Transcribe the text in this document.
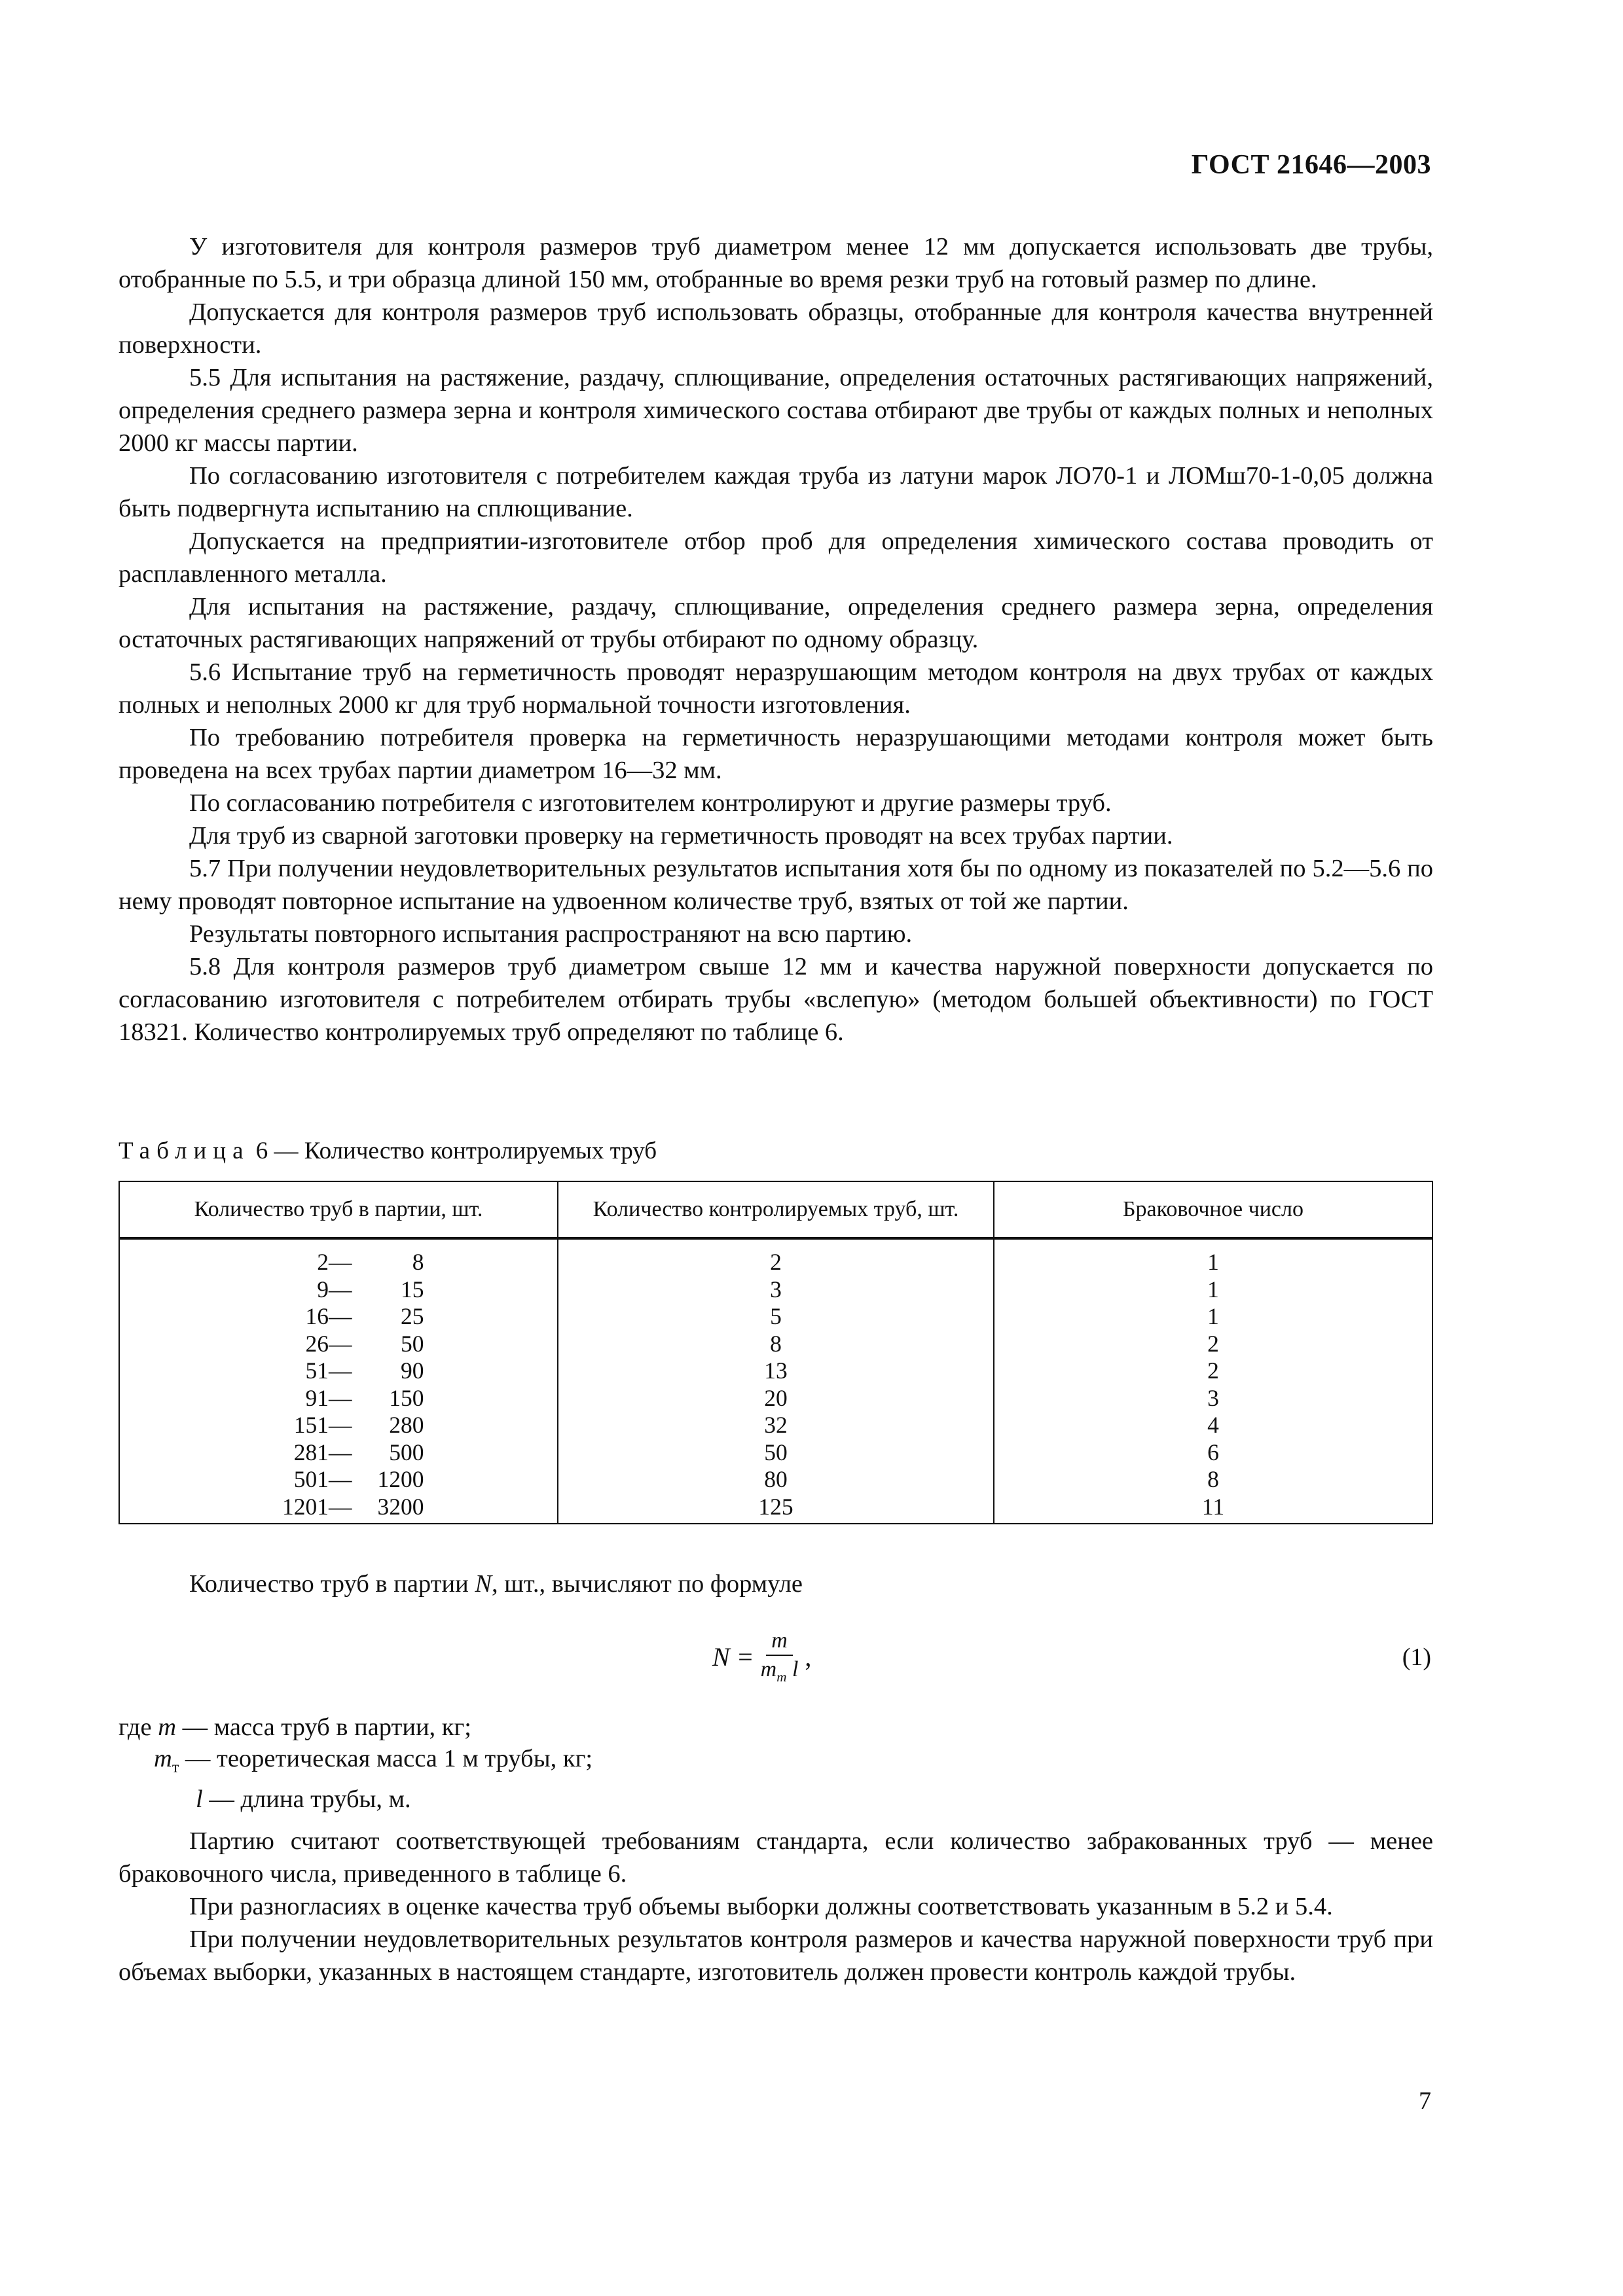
ГОСТ 21646—2003

У изготовителя для контроля размеров труб диаметром менее 12 мм допускается использовать две трубы, отобранные по 5.5, и три образца длиной 150 мм, отобранные во время резки труб на готовый размер по длине.

Допускается для контроля размеров труб использовать образцы, отобранные для контроля качества внутренней поверхности.

5.5 Для испытания на растяжение, раздачу, сплющивание, определения остаточных растягивающих напряжений, определения среднего размера зерна и контроля химического состава отбирают две трубы от каждых полных и неполных 2000 кг массы партии.

По согласованию изготовителя с потребителем каждая труба из латуни марок ЛО70-1 и ЛОМш70-1-0,05 должна быть подвергнута испытанию на сплющивание.

Допускается на предприятии-изготовителе отбор проб для определения химического состава проводить от расплавленного металла.

Для испытания на растяжение, раздачу, сплющивание, определения среднего размера зерна, определения остаточных растягивающих напряжений от трубы отбирают по одному образцу.

5.6 Испытание труб на герметичность проводят неразрушающим методом контроля на двух трубах от каждых полных и неполных 2000 кг для труб нормальной точности изготовления.

По требованию потребителя проверка на герметичность неразрушающими методами контроля может быть проведена на всех трубах партии диаметром 16—32 мм.

По согласованию потребителя с изготовителем контролируют и другие размеры труб.

Для труб из сварной заготовки проверку на герметичность проводят на всех трубах партии.

5.7 При получении неудовлетворительных результатов испытания хотя бы по одному из показателей по 5.2—5.6 по нему проводят повторное испытание на удвоенном количестве труб, взятых от той же партии.

Результаты повторного испытания распространяют на всю партию.

5.8 Для контроля размеров труб диаметром свыше 12 мм и качества наружной поверхности допускается по согласованию изготовителя с потребителем отбирать трубы «вслепую» (методом большей объективности) по ГОСТ 18321. Количество контролируемых труб определяют по таблице 6.

Таблица 6 — Количество контролируемых труб
Количество труб в партии, шт.	Количество контролируемых труб, шт.	Браковочное число
2— 8	2	1
9— 15	3	1
16— 25	5	1
26— 50	8	2
51— 90	13	2
91— 150	20	3
151— 280	32	4
281— 500	50	6
501— 1200	80	8
1201— 3200	125	11
Количество труб в партии N, шт., вычисляют по формуле
$N = \frac{m}{m_т l}$ ,	(1)
где m — масса труб в партии, кг;
$m_т$ — теоретическая масса 1 м трубы, кг;
l — длина трубы, м.

Партию считают соответствующей требованиям стандарта, если количество забракованных труб — менее браковочного числа, приведенного в таблице 6.

При разногласиях в оценке качества труб объемы выборки должны соответствовать указанным в 5.2 и 5.4.

При получении неудовлетворительных результатов контроля размеров и качества наружной поверхности труб при объемах выборки, указанных в настоящем стандарте, изготовитель должен провести контроль каждой трубы.

7
